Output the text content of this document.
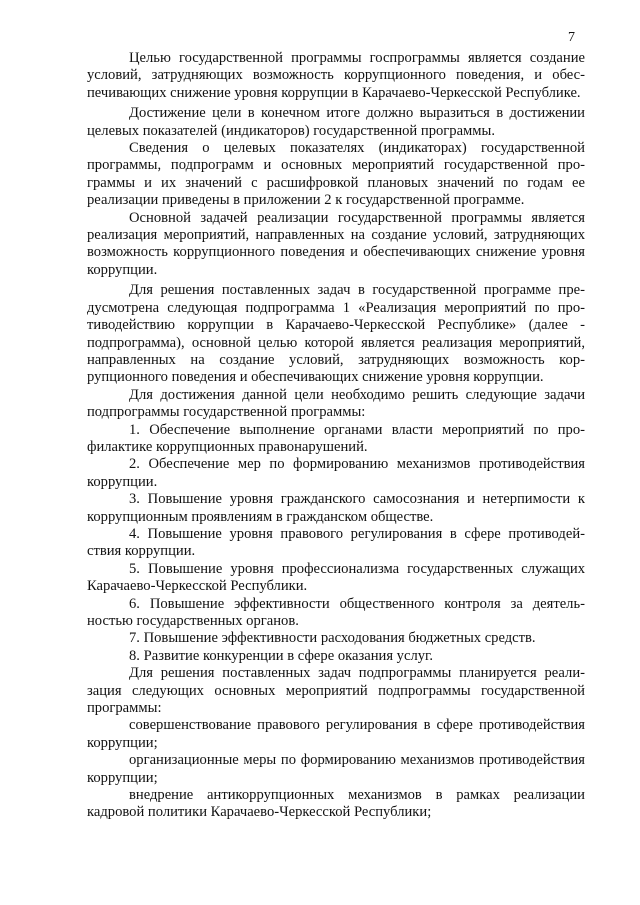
7

Целью государственной программы госпрограммы является создание условий, затрудняющих возможность коррупционного поведения, и обеспечивающих снижение уровня коррупции в Карачаево-Черкесской Республике.

Достижение цели в конечном итоге должно выразиться в достижении целевых показателей (индикаторов) государственной программы.

Сведения о целевых показателях (индикаторах) государственной программы, подпрограмм и основных мероприятий государственной программы и их значений с расшифровкой плановых значений по годам ее реализации приведены в приложении 2 к государственной программе.

Основной задачей реализации государственной программы является реализация мероприятий, направленных на создание условий, затрудняющих возможность коррупционного поведения и обеспечивающих снижение уровня коррупции.

Для решения поставленных задач в государственной программе предусмотрена следующая подпрограмма 1 «Реализация мероприятий по противодействию коррупции в Карачаево-Черкесской Республике» (далее - подпрограмма), основной целью которой является реализация мероприятий, направленных на создание условий, затрудняющих возможность коррупционного поведения и обеспечивающих снижение уровня коррупции.

Для достижения данной цели необходимо решить следующие задачи подпрограммы государственной программы:

1. Обеспечение выполнение органами власти мероприятий по профилактике коррупционных правонарушений.

2. Обеспечение мер по формированию механизмов противодействия коррупции.

3. Повышение уровня гражданского самосознания и нетерпимости к коррупционным проявлениям в гражданском обществе.

4. Повышение уровня правового регулирования в сфере противодействия коррупции.

5. Повышение уровня профессионализма государственных служащих Карачаево-Черкесской Республики.

6. Повышение эффективности общественного контроля за деятельностью государственных органов.

7. Повышение эффективности расходования бюджетных средств.

8. Развитие конкуренции в сфере оказания услуг.

Для решения поставленных задач подпрограммы планируется реализация следующих основных мероприятий подпрограммы государственной программы:

совершенствование правового регулирования в сфере противодействия коррупции;

организационные меры по формированию механизмов противодействия коррупции;

внедрение антикоррупционных механизмов в рамках реализации кадровой политики Карачаево-Черкесской Республики;
